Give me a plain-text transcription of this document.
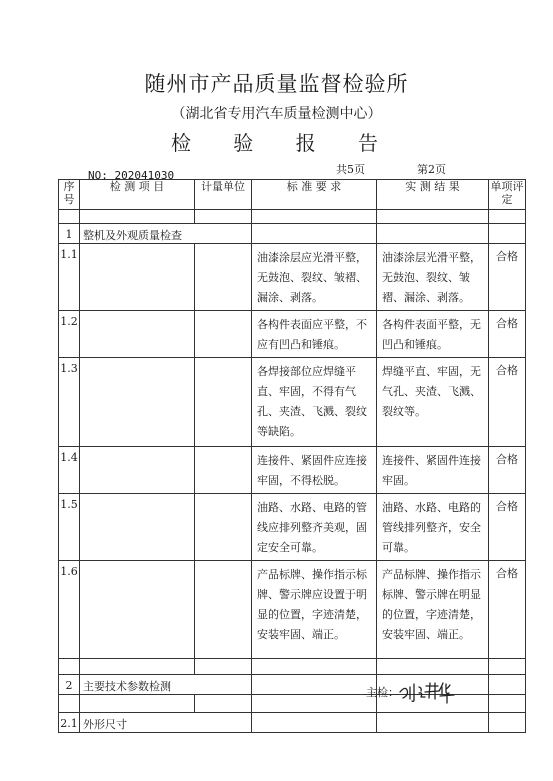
随州市产品质量监督检验所
（湖北省专用汽车质量检测中心）
检 验 报 告
NO: 202041030	共5页	第2页
序号	检 测 项 目	计量单位	标 准 要 求	实 测 结 果	单项评定

1	整机及外观质量检查				
1.1			油漆涂层应光滑平整，无鼓泡、裂纹、皱褶、漏涂、剥落。	油漆涂层光滑平整，无鼓泡、裂纹、皱褶、漏涂、剥落。	合格
1.2			各构件表面应平整，不应有凹凸和锤痕。	各构件表面平整，无凹凸和锤痕。	合格
1.3			各焊接部位应焊缝平直、牢固，不得有气孔、夹渣、飞溅、裂纹等缺陷。	焊缝平直、牢固，无气孔、夹渣、飞溅、裂纹等。	合格
1.4			连接件、紧固件应连接牢固，不得松脱。	连接件、紧固件连接牢固。	合格
1.5			油路、水路、电路的管线应排列整齐美观，固定安全可靠。	油路、水路、电路的管线排列整齐，安全可靠。	合格
1.6			产品标牌、操作指示标牌、警示牌应设置于明显的位置，字迹清楚，安装牢固、端正。	产品标牌、操作指示标牌、警示牌在明显的位置，字迹清楚，安装牢固、端正。	合格

2	主要技术参数检测				

2.1	外形尺寸				
主检：
